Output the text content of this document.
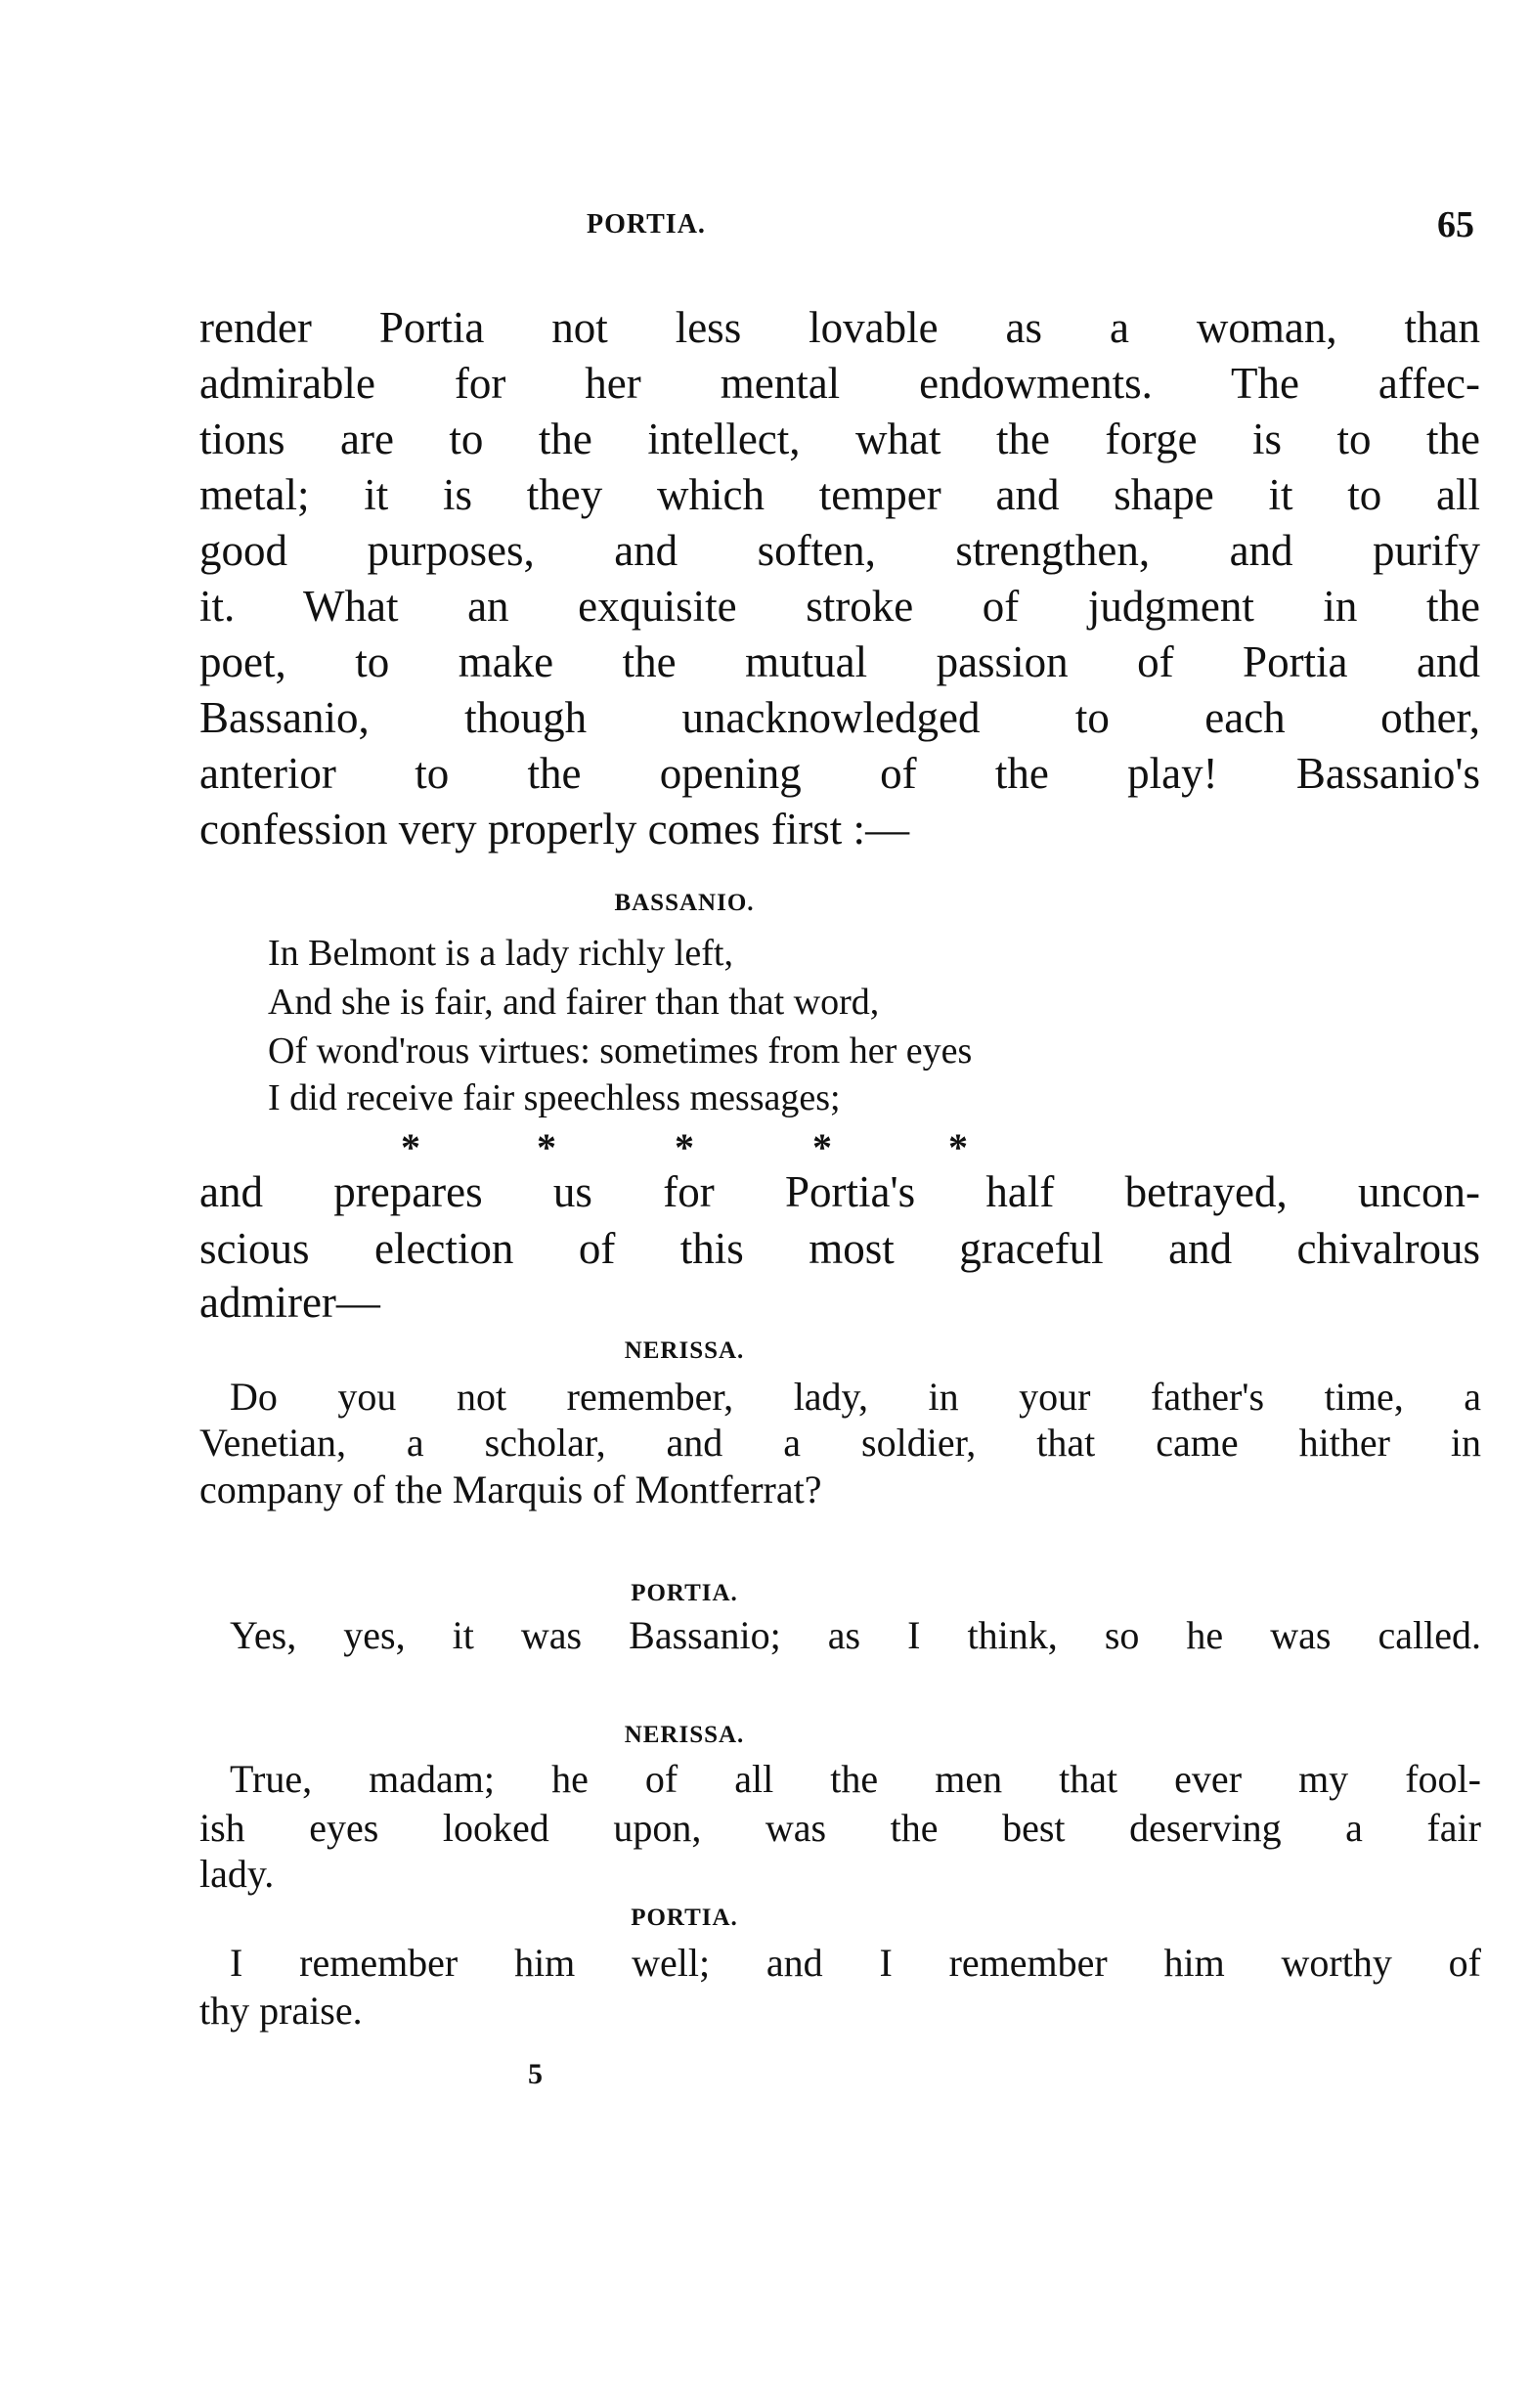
PORTIA.	65
render Portia not less lovable as a woman, than
admirable for her mental endowments. The affec-
tions are to the intellect, what the forge is to the
metal; it is they which temper and shape it to all
good purposes, and soften, strengthen, and purify
it. What an exquisite stroke of judgment in the
poet, to make the mutual passion of Portia and
Bassanio, though unacknowledged to each other,
anterior to the opening of the play! Bassanio's
confession very properly comes first :—
BASSANIO.
In Belmont is a lady richly left,
And she is fair, and fairer than that word,
Of wond'rous virtues: sometimes from her eyes
I did receive fair speechless messages;
*	*	*	*	*
and prepares us for Portia's half betrayed, uncon-
scious election of this most graceful and chivalrous
admirer—
NERISSA.
Do you not remember, lady, in your father's time, a
Venetian, a scholar, and a soldier, that came hither in
company of the Marquis of Montferrat?
PORTIA.
Yes, yes, it was Bassanio; as I think, so he was called.
NERISSA.
True, madam; he of all the men that ever my fool-
ish eyes looked upon, was the best deserving a fair
lady.
PORTIA.
I remember him well; and I remember him worthy of
thy praise.
5
